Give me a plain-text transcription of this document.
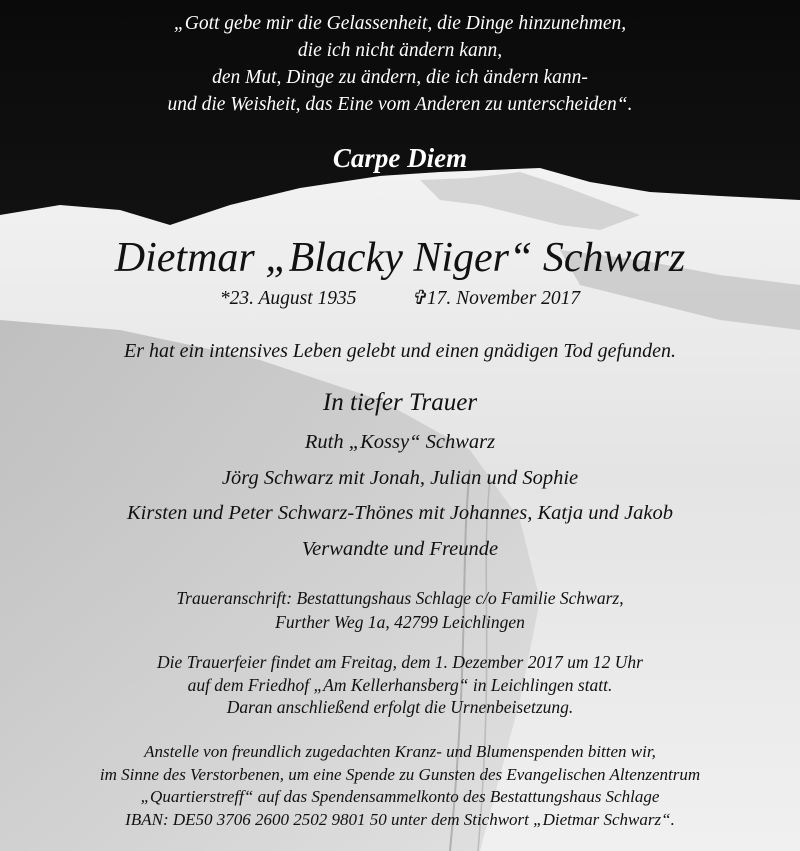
„Gott gebe mir die Gelassenheit, die Dinge hinzunehmen,
die ich nicht ändern kann,
den Mut, Dinge zu ändern, die ich ändern kann-
und die Weisheit, das Eine vom Anderen zu unterscheiden“.
Carpe Diem
Dietmar „Blacky Niger“ Schwarz
*23. August 1935	✞17. November 2017
Er hat ein intensives Leben gelebt und einen gnädigen Tod gefunden.
In tiefer Trauer
Ruth „Kossy“ Schwarz
Jörg Schwarz mit Jonah, Julian und Sophie
Kirsten und Peter Schwarz-Thönes mit Johannes, Katja und Jakob
Verwandte und Freunde
Traueranschrift: Bestattungshaus Schlage c/o Familie Schwarz,
Further Weg 1a, 42799 Leichlingen
Die Trauerfeier findet am Freitag, dem 1. Dezember 2017 um 12 Uhr
auf dem Friedhof „Am Kellerhansberg“ in Leichlingen statt.
Daran anschließend erfolgt die Urnenbeisetzung.
Anstelle von freundlich zugedachten Kranz- und Blumenspenden bitten wir,
im Sinne des Verstorbenen, um eine Spende zu Gunsten des Evangelischen Altenzentrum
„Quartierstreff“ auf das Spendensammelkonto des Bestattungshaus Schlage
IBAN: DE50 3706 2600 2502 9801 50 unter dem Stichwort „Dietmar Schwarz“.
